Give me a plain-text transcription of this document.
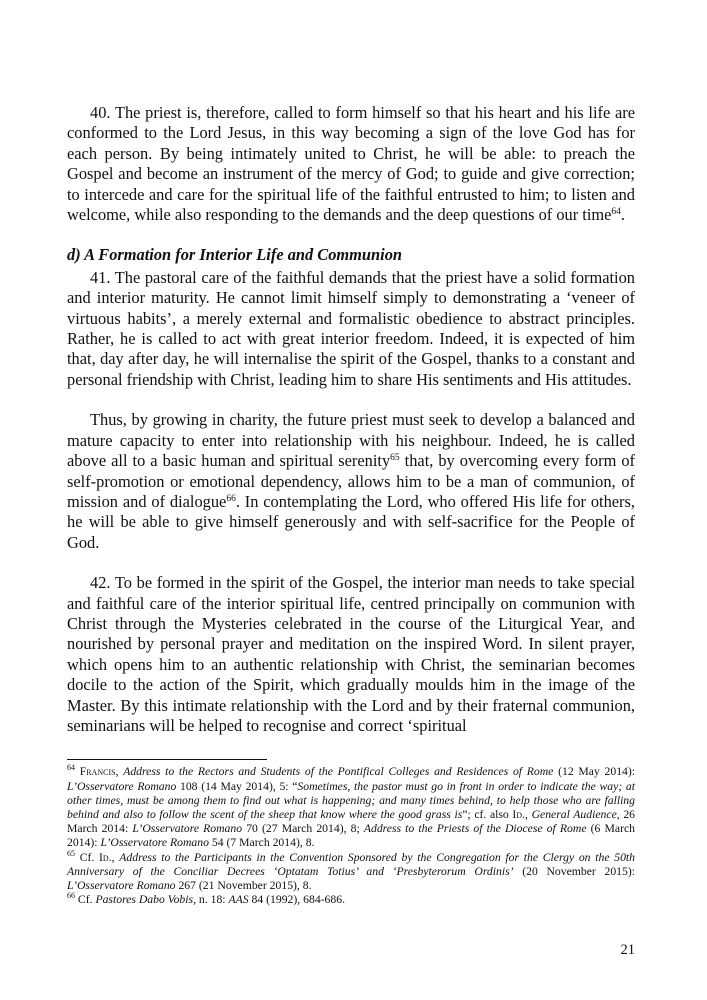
40. The priest is, therefore, called to form himself so that his heart and his life are conformed to the Lord Jesus, in this way becoming a sign of the love God has for each person. By being intimately united to Christ, he will be able: to preach the Gospel and become an instrument of the mercy of God; to guide and give correction; to intercede and care for the spiritual life of the faithful entrusted to him; to listen and welcome, while also responding to the demands and the deep questions of our time$^{64}$.

d) A Formation for Interior Life and Communion

41. The pastoral care of the faithful demands that the priest have a solid formation and interior maturity. He cannot limit himself simply to demonstrating a ‘veneer of virtuous habits’, a merely external and formalistic obedience to abstract principles. Rather, he is called to act with great interior freedom. Indeed, it is expected of him that, day after day, he will internalise the spirit of the Gospel, thanks to a constant and personal friendship with Christ, leading him to share His sentiments and His attitudes.

Thus, by growing in charity, the future priest must seek to develop a balanced and mature capacity to enter into relationship with his neighbour. Indeed, he is called above all to a basic human and spiritual serenity$^{65}$ that, by overcoming every form of self-promotion or emotional dependency, allows him to be a man of communion, of mission and of dialogue$^{66}$. In contemplating the Lord, who offered His life for others, he will be able to give himself generously and with self-sacrifice for the People of God.

42. To be formed in the spirit of the Gospel, the interior man needs to take special and faithful care of the interior spiritual life, centred principally on communion with Christ through the Mysteries celebrated in the course of the Liturgical Year, and nourished by personal prayer and meditation on the inspired Word. In silent prayer, which opens him to an authentic relationship with Christ, the seminarian becomes docile to the action of the Spirit, which gradually moulds him in the image of the Master. By this intimate relationship with the Lord and by their fraternal communion, seminarians will be helped to recognise and correct ‘spiritual

$^{64}$ Francis, Address to the Rectors and Students of the Pontifical Colleges and Residences of Rome (12 May 2014): L’Osservatore Romano 108 (14 May 2014), 5: “Sometimes, the pastor must go in front in order to indicate the way; at other times, must be among them to find out what is happening; and many times behind, to help those who are falling behind and also to follow the scent of the sheep that know where the good grass is”; cf. also Id., General Audience, 26 March 2014: L’Osservatore Romano 70 (27 March 2014), 8; Address to the Priests of the Diocese of Rome (6 March 2014): L’Osservatore Romano 54 (7 March 2014), 8.

$^{65}$ Cf. Id., Address to the Participants in the Convention Sponsored by the Congregation for the Clergy on the 50th Anniversary of the Conciliar Decrees ‘Optatam Totius’ and ‘Presbyterorum Ordinis’ (20 November 2015): L’Osservatore Romano 267 (21 November 2015), 8.

$^{66}$ Cf. Pastores Dabo Vobis, n. 18: AAS 84 (1992), 684-686.

21
